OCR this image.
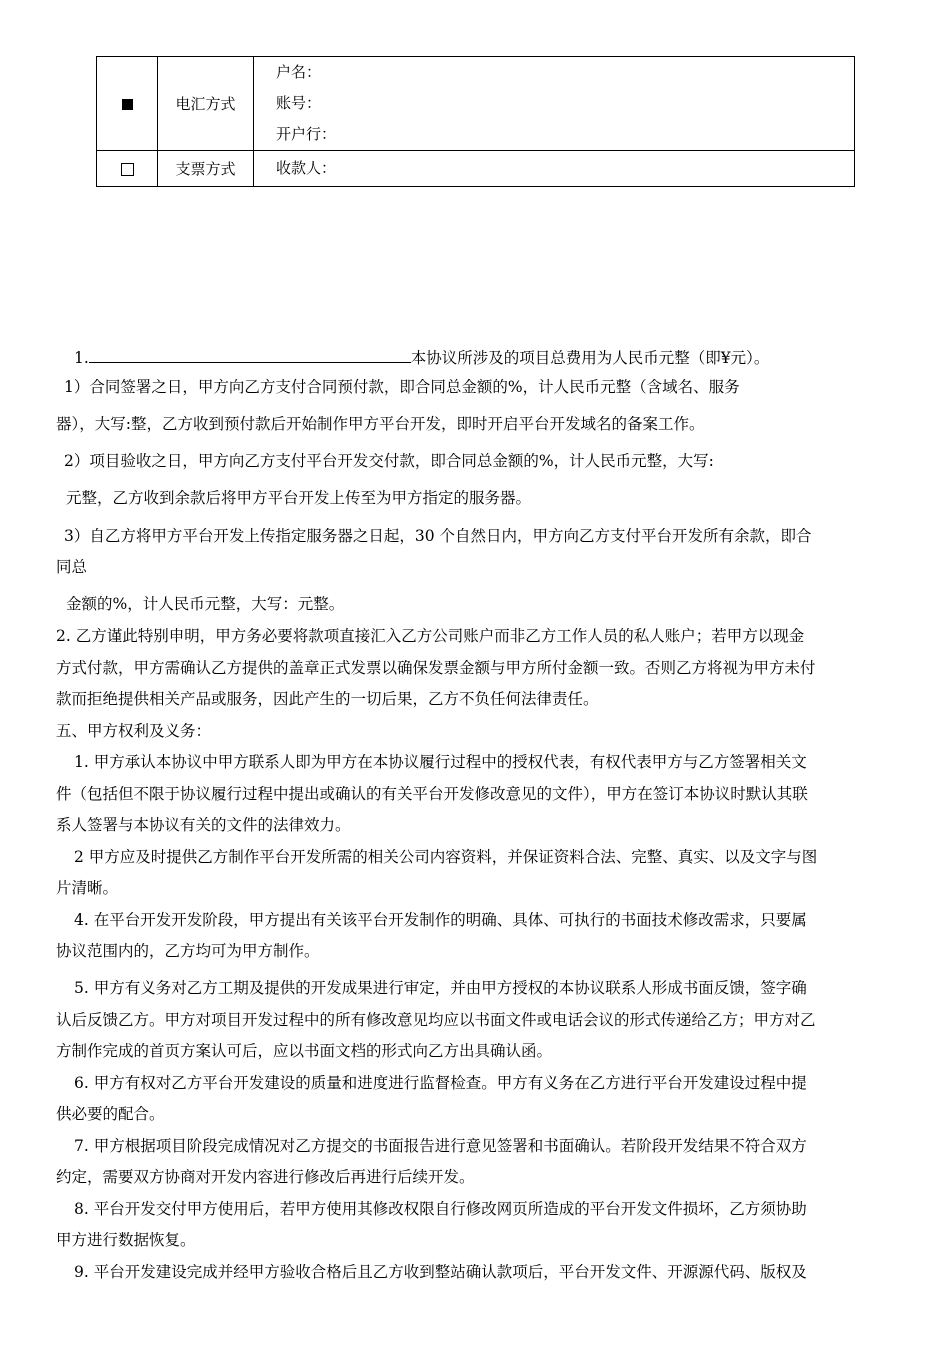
	电汇方式	户名：
账号：
开户行：

	支票方式	收款人：
1.	本协议所涉及的项目总费用为人民币元整（即¥元）。
1）合同签署之日，甲方向乙方支付合同预付款，即合同总金额的%，计人民币元整（含域名、服务
器），大写:整，乙方收到预付款后开始制作甲方平台开发，即时开启平台开发域名的备案工作。
2）项目验收之日，甲方向乙方支付平台开发交付款，即合同总金额的%，计人民币元整，大写:
元整，乙方收到余款后将甲方平台开发上传至为甲方指定的服务器。
3）自乙方将甲方平台开发上传指定服务器之日起，30 个自然日内，甲方向乙方支付平台开发所有余款，即合
同总
金额的%，计人民币元整，大写：元整。
2. 乙方谨此特别申明，甲方务必要将款项直接汇入乙方公司账户而非乙方工作人员的私人账户；若甲方以现金
方式付款，甲方需确认乙方提供的盖章正式发票以确保发票金额与甲方所付金额一致。否则乙方将视为甲方未付
款而拒绝提供相关产品或服务，因此产生的一切后果，乙方不负任何法律责任。
五、甲方权利及义务：
1. 甲方承认本协议中甲方联系人即为甲方在本协议履行过程中的授权代表，有权代表甲方与乙方签署相关文
件（包括但不限于协议履行过程中提出或确认的有关平台开发修改意见的文件），甲方在签订本协议时默认其联
系人签署与本协议有关的文件的法律效力。
2 甲方应及时提供乙方制作平台开发所需的相关公司内容资料，并保证资料合法、完整、真实、以及文字与图
片清晰。
4. 在平台开发开发阶段，甲方提出有关该平台开发制作的明确、具体、可执行的书面技术修改需求，只要属
协议范围内的，乙方均可为甲方制作。
5. 甲方有义务对乙方工期及提供的开发成果进行审定，并由甲方授权的本协议联系人形成书面反馈，签字确
认后反馈乙方。甲方对项目开发过程中的所有修改意见均应以书面文件或电话会议的形式传递给乙方；甲方对乙
方制作完成的首页方案认可后，应以书面文档的形式向乙方出具确认函。
6. 甲方有权对乙方平台开发建设的质量和进度进行监督检查。甲方有义务在乙方进行平台开发建设过程中提
供必要的配合。
7. 甲方根据项目阶段完成情况对乙方提交的书面报告进行意见签署和书面确认。若阶段开发结果不符合双方
约定，需要双方协商对开发内容进行修改后再进行后续开发。
8. 平台开发交付甲方使用后，若甲方使用其修改权限自行修改网页所造成的平台开发文件损坏，乙方须协助
甲方进行数据恢复。
9. 平台开发建设完成并经甲方验收合格后且乙方收到整站确认款项后，平台开发文件、开源源代码、版权及
